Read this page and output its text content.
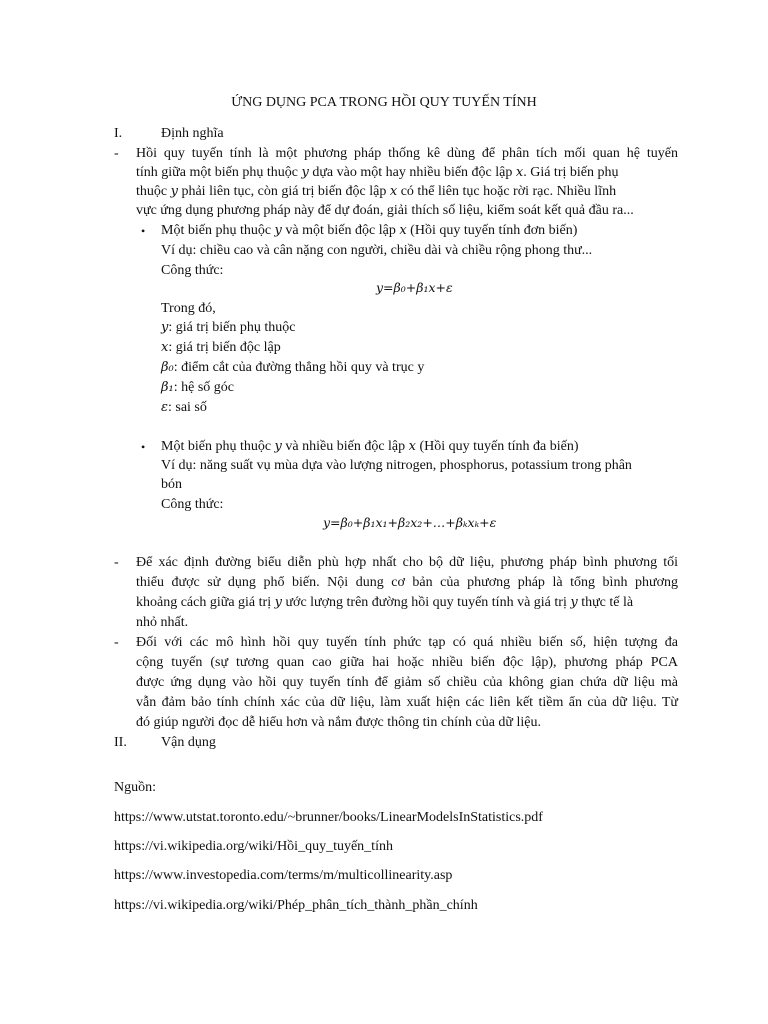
ỨNG DỤNG PCA TRONG HỒI QUY TUYẾN TÍNH
I.	Định nghĩa
- Hồi quy tuyến tính là một phương pháp thống kê dùng để phân tích mối quan hệ tuyến
tính giữa một biến phụ thuộc y dựa vào một hay nhiều biến độc lập x. Giá trị biến phụ
thuộc y phải liên tục, còn giá trị biến độc lập x có thể liên tục hoặc rời rạc. Nhiều lĩnh
vực ứng dụng phương pháp này để dự đoán, giải thích số liệu, kiểm soát kết quả đầu ra...
• Một biến phụ thuộc y và một biến độc lập x (Hồi quy tuyến tính đơn biến)
Ví dụ: chiều cao và cân nặng con người, chiều dài và chiều rộng phong thư...
Công thức:
y=β₀+β₁x+ε
Trong đó,
y: giá trị biến phụ thuộc
x: giá trị biến độc lập
β₀: điểm cắt của đường thẳng hồi quy và trục y
β₁: hệ số góc
ε: sai số
• Một biến phụ thuộc y và nhiều biến độc lập x (Hồi quy tuyến tính đa biến)
Ví dụ: năng suất vụ mùa dựa vào lượng nitrogen, phosphorus, potassium trong phân
bón
Công thức:
y=β₀+β₁x₁+β₂x₂+…+βₖxₖ+ε
- Để xác định đường biểu diễn phù hợp nhất cho bộ dữ liệu, phương pháp bình phương tối
thiểu được sử dụng phổ biến. Nội dung cơ bản của phương pháp là tổng bình phương
khoảng cách giữa giá trị y ước lượng trên đường hồi quy tuyến tính và giá trị y thực tế là
nhỏ nhất.
- Đối với các mô hình hồi quy tuyến tính phức tạp có quá nhiều biến số, hiện tượng đa
cộng tuyến (sự tương quan cao giữa hai hoặc nhiều biến độc lập), phương pháp PCA
được ứng dụng vào hồi quy tuyến tính để giảm số chiều của không gian chứa dữ liệu mà
vẫn đảm bảo tính chính xác của dữ liệu, làm xuất hiện các liên kết tiềm ẩn của dữ liệu. Từ
đó giúp người đọc dễ hiểu hơn và nắm được thông tin chính của dữ liệu.
II.	Vận dụng
Nguồn:
https://www.utstat.toronto.edu/~brunner/books/LinearModelsInStatistics.pdf
https://vi.wikipedia.org/wiki/Hồi_quy_tuyến_tính
https://www.investopedia.com/terms/m/multicollinearity.asp
https://vi.wikipedia.org/wiki/Phép_phân_tích_thành_phần_chính
